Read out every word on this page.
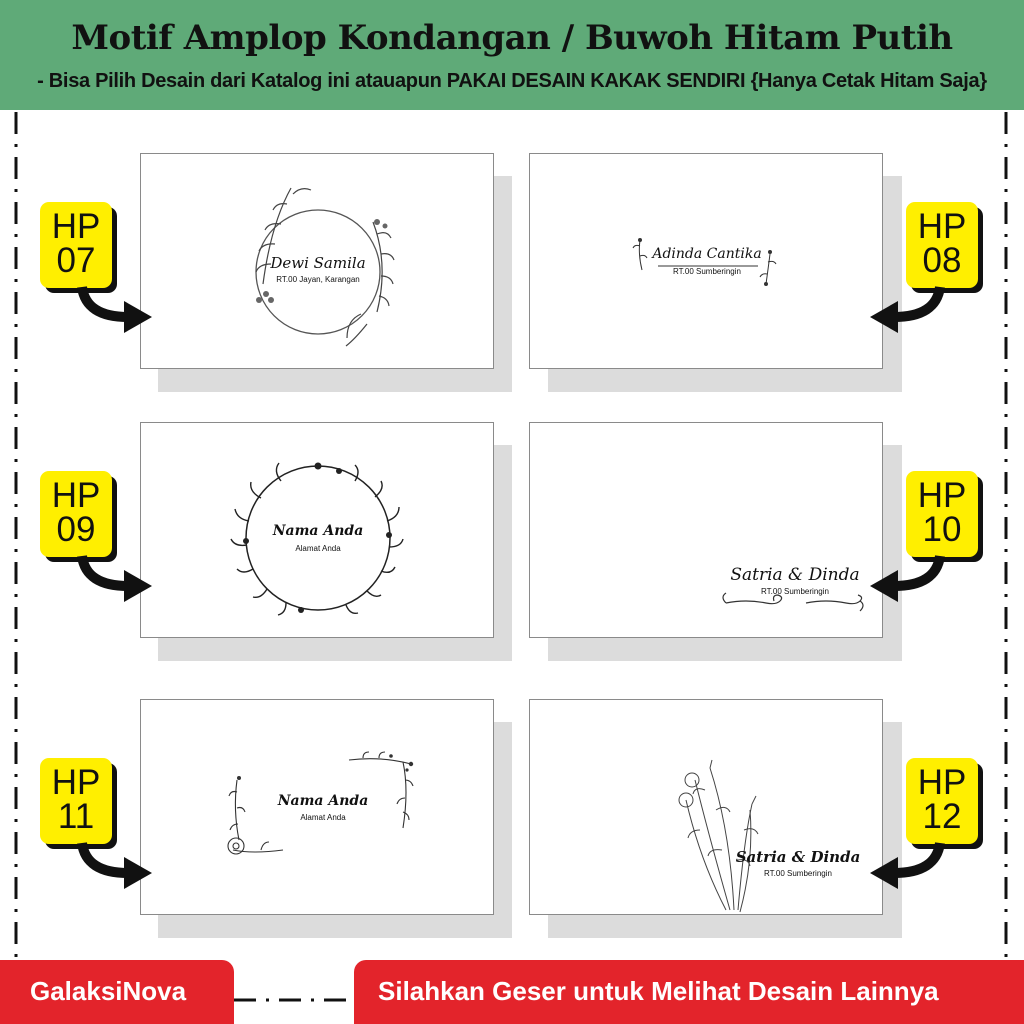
Motif Amplop Kondangan / Buwoh Hitam Putih
- Bisa Pilih Desain dari Katalog ini atauapun PAKAI DESAIN KAKAK SENDIRI {Hanya Cetak Hitam Saja}
Dewi Samila
RT.00 Jayan, Karangan
Adinda Cantika
RT.00 Sumberingin
Nama Anda
Alamat Anda
Satria & Dinda
RT.00 Sumberingin
Nama Anda
Alamat Anda
Satria & Dinda
RT.00 Sumberingin
HP
07
HP
08
HP
09
HP
10
HP
11
HP
12
GalaksiNova	Silahkan Geser untuk Melihat Desain Lainnya
